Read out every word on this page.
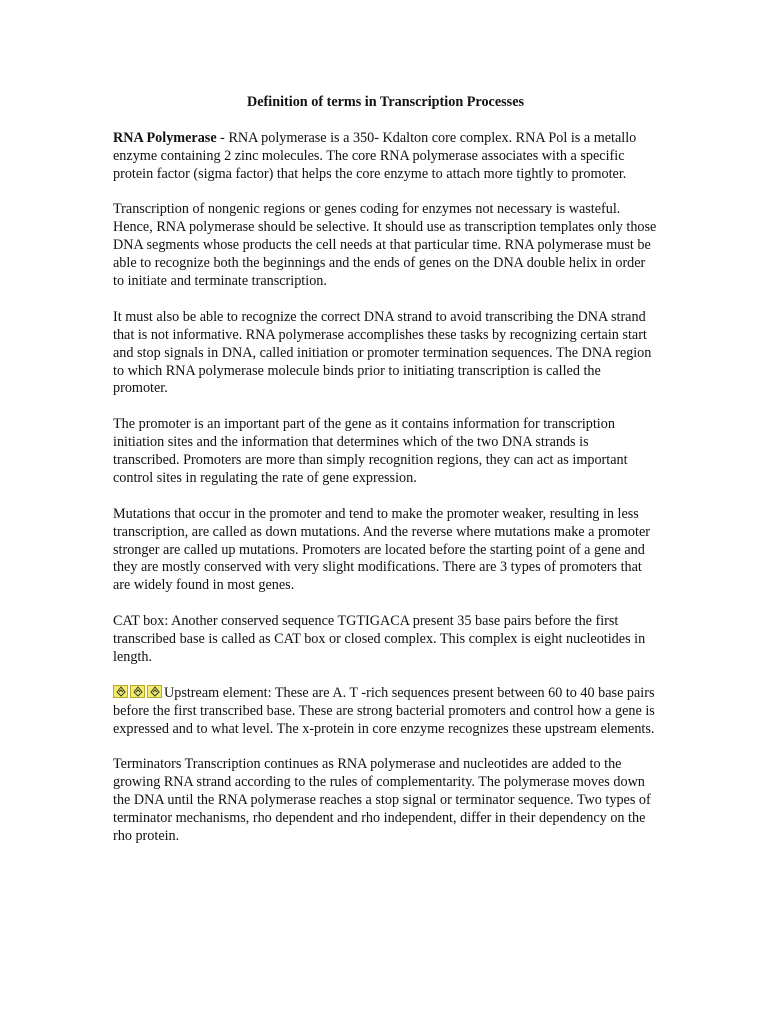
Definition of terms in Transcription Processes

RNA Polymerase - RNA polymerase is a 350- Kdalton core complex. RNA Pol is a metallo enzyme containing 2 zinc molecules. The core RNA polymerase associates with a specific protein factor (sigma factor) that helps the core enzyme to attach more tightly to promoter.

Transcription of nongenic regions or genes coding for enzymes not necessary is wasteful. Hence, RNA polymerase should be selective. It should use as transcription templates only those DNA segments whose products the cell needs at that particular time. RNA polymerase must be able to recognize both the beginnings and the ends of genes on the DNA double helix in order to initiate and terminate transcription.

It must also be able to recognize the correct DNA strand to avoid transcribing the DNA strand that is not informative. RNA polymerase accomplishes these tasks by recognizing certain start and stop signals in DNA, called initiation or promoter termination sequences. The DNA region to which RNA polymerase molecule binds prior to initiating transcription is called the promoter.

The promoter is an important part of the gene as it contains information for transcription initiation sites and the information that determines which of the two DNA strands is transcribed. Promoters are more than simply recognition regions, they can act as important control sites in regulating the rate of gene expression.

Mutations that occur in the promoter and tend to make the promoter weaker, resulting in less transcription, are called as down mutations. And the reverse where mutations make a promoter stronger are called up mutations. Promoters are located before the starting point of a gene and they are mostly conserved with very slight modifications. There are 3 types of promoters that are widely found in most genes.

CAT box: Another conserved sequence TGTIGACA present 35 base pairs before the first transcribed base is called as CAT box or closed complex. This complex is eight nucleotides in length.

Upstream element: These are A. T -rich sequences present between 60 to 40 base pairs before the first transcribed base. These are strong bacterial promoters and control how a gene is expressed and to what level. The x-protein in core enzyme recognizes these upstream elements.

Terminators Transcription continues as RNA polymerase and nucleotides are added to the growing RNA strand according to the rules of complementarity. The polymerase moves down the DNA until the RNA polymerase reaches a stop signal or terminator sequence. Two types of terminator mechanisms, rho dependent and rho independent, differ in their dependency on the rho protein.
